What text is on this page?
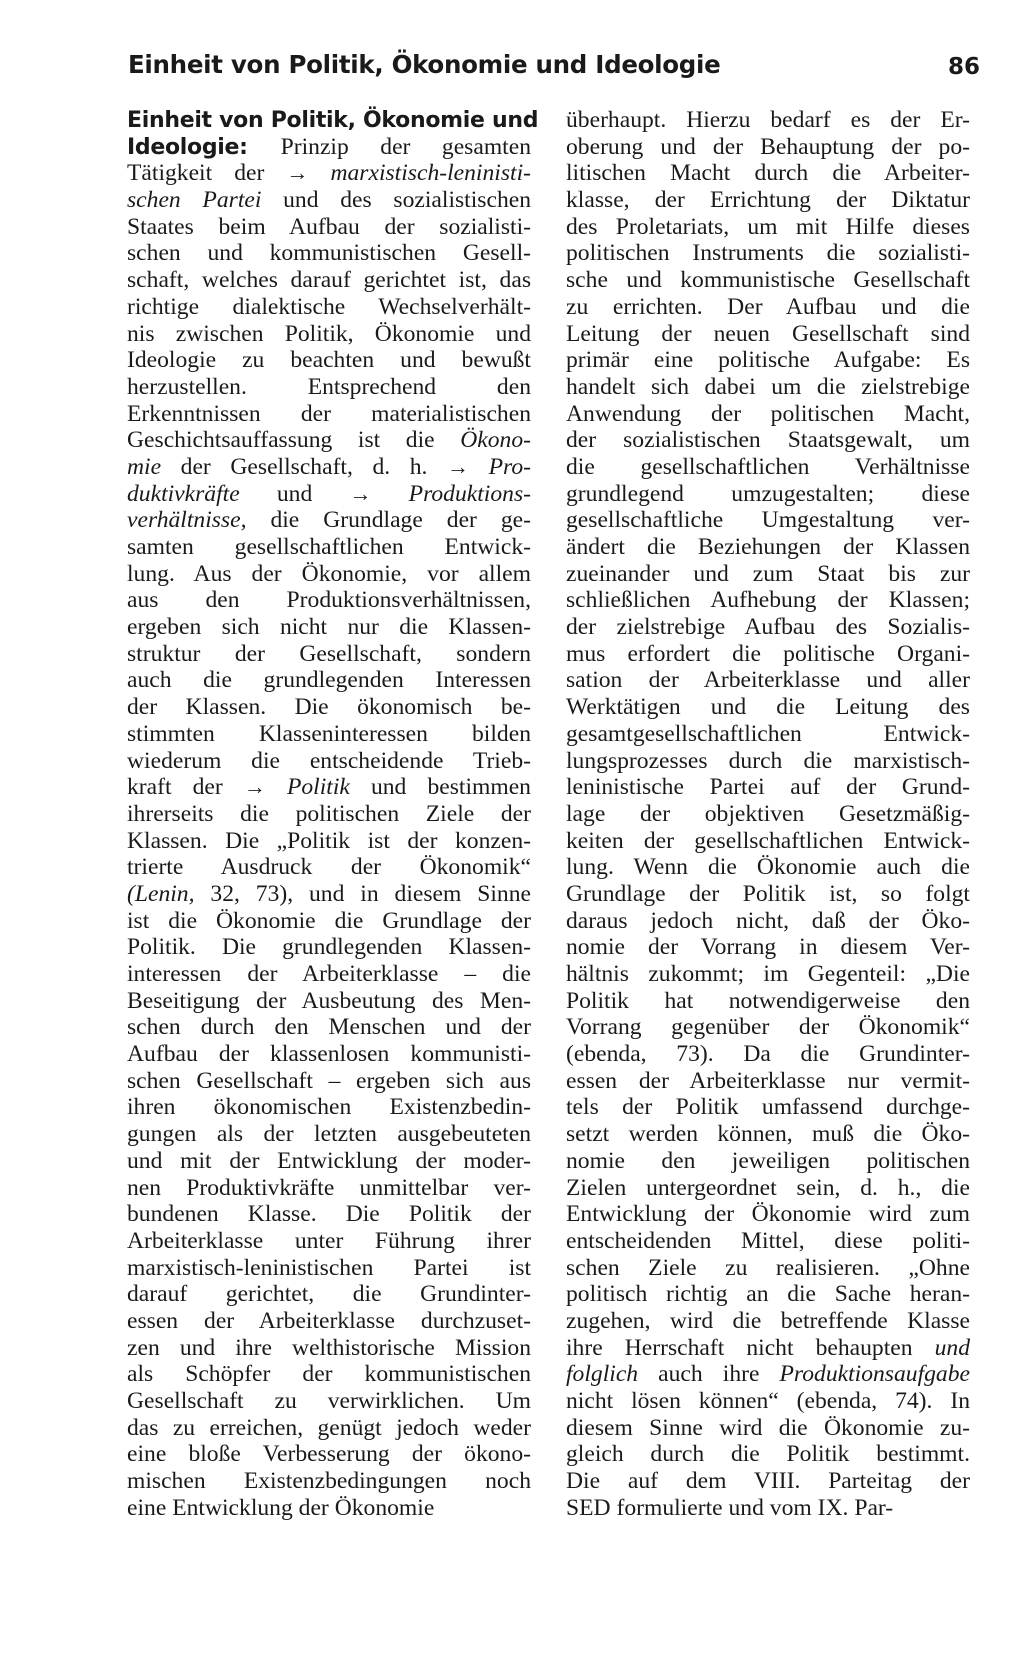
Einheit von Politik, Ökonomie und Ideologie	86
Einheit von Politik, Ökonomie und
Ideologie: Prinzip der gesamten
Tätigkeit der → marxistisch-leninisti-
schen Partei und des sozialistischen
Staates beim Aufbau der sozialisti-
schen und kommunistischen Gesell-
schaft, welches darauf gerichtet ist, das
richtige dialektische Wechselverhält-
nis zwischen Politik, Ökonomie und
Ideologie zu beachten und bewußt
herzustellen. Entsprechend den
Erkenntnissen der materialistischen
Geschichtsauffassung ist die Ökono-
mie der Gesellschaft, d. h. → Pro-
duktivkräfte und → Produktions-
verhältnisse, die Grundlage der ge-
samten gesellschaftlichen Entwick-
lung. Aus der Ökonomie, vor allem
aus den Produktionsverhältnissen,
ergeben sich nicht nur die Klassen-
struktur der Gesellschaft, sondern
auch die grundlegenden Interessen
der Klassen. Die ökonomisch be-
stimmten Klasseninteressen bilden
wiederum die entscheidende Trieb-
kraft der → Politik und bestimmen
ihrerseits die politischen Ziele der
Klassen. Die „Politik ist der konzen-
trierte Ausdruck der Ökonomik“
(Lenin, 32, 73), und in diesem Sinne
ist die Ökonomie die Grundlage der
Politik. Die grundlegenden Klassen-
interessen der Arbeiterklasse – die
Beseitigung der Ausbeutung des Men-
schen durch den Menschen und der
Aufbau der klassenlosen kommunisti-
schen Gesellschaft – ergeben sich aus
ihren ökonomischen Existenzbedin-
gungen als der letzten ausgebeuteten
und mit der Entwicklung der moder-
nen Produktivkräfte unmittelbar ver-
bundenen Klasse. Die Politik der
Arbeiterklasse unter Führung ihrer
marxistisch-leninistischen Partei ist
darauf gerichtet, die Grundinter-
essen der Arbeiterklasse durchzuset-
zen und ihre welthistorische Mission
als Schöpfer der kommunistischen
Gesellschaft zu verwirklichen. Um
das zu erreichen, genügt jedoch weder
eine bloße Verbesserung der ökono-
mischen Existenzbedingungen noch
eine Entwicklung der Ökonomie
überhaupt. Hierzu bedarf es der Er-
oberung und der Behauptung der po-
litischen Macht durch die Arbeiter-
klasse, der Errichtung der Diktatur
des Proletariats, um mit Hilfe dieses
politischen Instruments die sozialisti-
sche und kommunistische Gesellschaft
zu errichten. Der Aufbau und die
Leitung der neuen Gesellschaft sind
primär eine politische Aufgabe: Es
handelt sich dabei um die zielstrebige
Anwendung der politischen Macht,
der sozialistischen Staatsgewalt, um
die gesellschaftlichen Verhältnisse
grundlegend umzugestalten; diese
gesellschaftliche Umgestaltung ver-
ändert die Beziehungen der Klassen
zueinander und zum Staat bis zur
schließlichen Aufhebung der Klassen;
der zielstrebige Aufbau des Sozialis-
mus erfordert die politische Organi-
sation der Arbeiterklasse und aller
Werktätigen und die Leitung des
gesamtgesellschaftlichen Entwick-
lungsprozesses durch die marxistisch-
leninistische Partei auf der Grund-
lage der objektiven Gesetzmäßig-
keiten der gesellschaftlichen Entwick-
lung. Wenn die Ökonomie auch die
Grundlage der Politik ist, so folgt
daraus jedoch nicht, daß der Öko-
nomie der Vorrang in diesem Ver-
hältnis zukommt; im Gegenteil: „Die
Politik hat notwendigerweise den
Vorrang gegenüber der Ökonomik“
(ebenda, 73). Da die Grundinter-
essen der Arbeiterklasse nur vermit-
tels der Politik umfassend durchge-
setzt werden können, muß die Öko-
nomie den jeweiligen politischen
Zielen untergeordnet sein, d. h., die
Entwicklung der Ökonomie wird zum
entscheidenden Mittel, diese politi-
schen Ziele zu realisieren. „Ohne
politisch richtig an die Sache heran-
zugehen, wird die betreffende Klasse
ihre Herrschaft nicht behaupten und
folglich auch ihre Produktionsaufgabe
nicht lösen können“ (ebenda, 74). In
diesem Sinne wird die Ökonomie zu-
gleich durch die Politik bestimmt.
Die auf dem VIII. Parteitag der
SED formulierte und vom IX. Par-
